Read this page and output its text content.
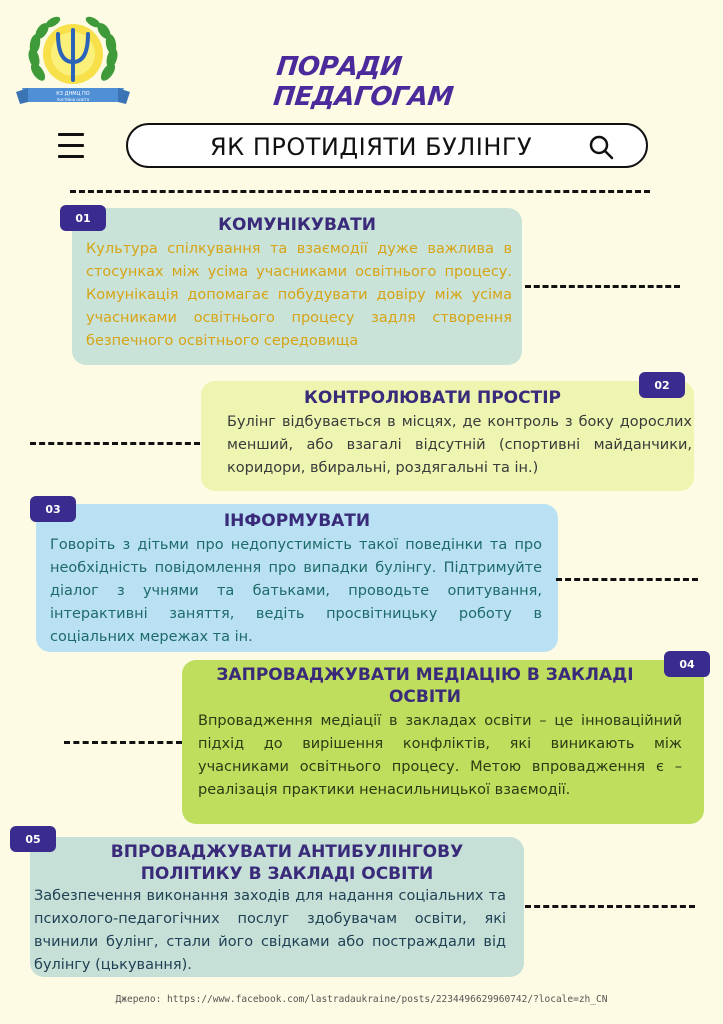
КЗ ДНМЦ ПО
постійна освіта
ПОРАДИ ПЕДАГОГАМ
ЯК ПРОТИДІЯТИ БУЛІНГУ
КОМУНІКУВАТИ
Культура спілкування та взаємодії дуже важлива в стосунках між усіма учасниками освітнього процесу. Комунікація допомагає побудувати довіру між усіма учасниками освітнього процесу задля створення безпечного освітнього середовища
01
КОНТРОЛЮВАТИ ПРОСТІР
Булінг відбувається в місцях, де контроль з боку дорослих менший, або взагалі відсутній (спортивні майданчики, коридори, вбиральні, роздягальні та ін.)
02
ІНФОРМУВАТИ
Говоріть з дітьми про недопустимість такої поведінки та про необхідність повідомлення про випадки булінгу. Підтримуйте діалог з учнями та батьками, проводьте опитування, інтерактивні заняття, ведіть просвітницьку роботу в соціальних мережах та ін.
03
ЗАПРОВАДЖУВАТИ МЕДІАЦІЮ В ЗАКЛАДІ ОСВІТИ
Впровадження медіації в закладах освіти – це інноваційний підхід до вирішення конфліктів, які виникають між учасниками освітнього процесу. Метою впровадження є – реалізація практики ненасильницької взаємодії.
04
ВПРОВАДЖУВАТИ АНТИБУЛІНГОВУ ПОЛІТИКУ В ЗАКЛАДІ ОСВІТИ
Забезпечення виконання заходів для надання соціальних та психолого-педагогічних послуг здобувачам освіти, які вчинили булінг, стали його свідками або постраждали від булінгу (цькування).
05
Джерело: https://www.facebook.com/lastradaukraine/posts/2234496629960742/?locale=zh_CN
